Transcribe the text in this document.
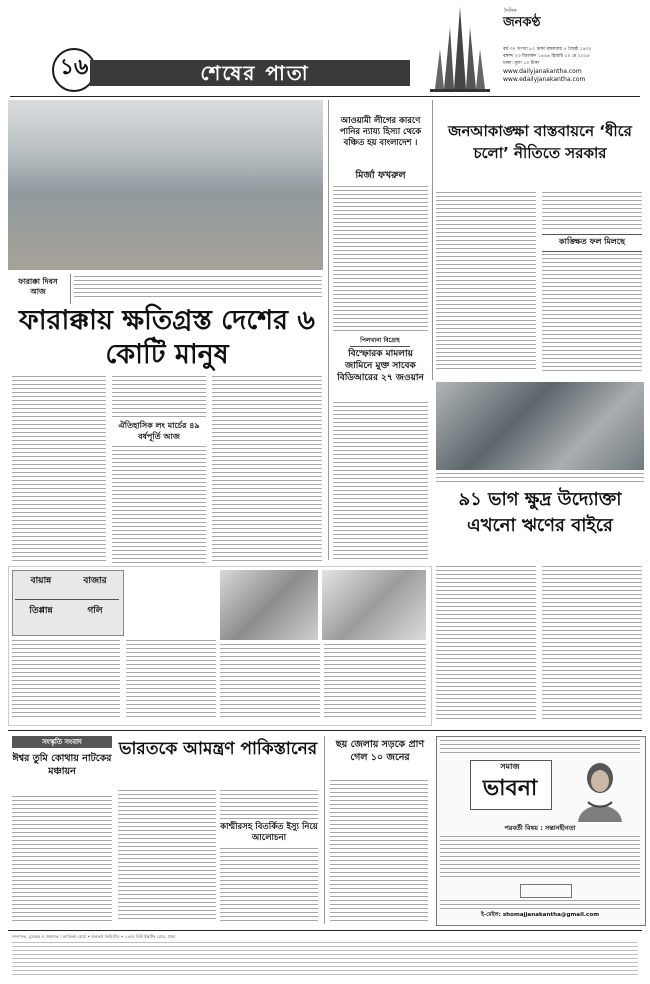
১৬	শেষের পাতা
দৈনিক
জনকণ্ঠ
বর্ষ ৩০ সংখ্যা ৮০ ঢাকা মঙ্গলবার ৫ জ্যৈষ্ঠ ১৪৩২
বঙ্গাব্দ ২৩ জিলকদ ১৪৪৬ হিজরি ২০ মে ২০২৫
ঢাকা: মূল্য ১০ টাকা
www.dailyjanakantha.com
www.edailyjanakantha.com
ফারাক্কা দিবস আজ
ফারাক্কায় ক্ষতিগ্রস্ত দেশের ৬ কোটি মানুষ
ঐতিহাসিক লং মার্চের ৪৯ বর্ষপূর্তি আজ
আওয়ামী লীগের কারণে পানির ন্যায্য হিস্যা থেকে বঞ্চিত হয় বাংলাদেশ ।
মির্জা ফখরুল
পিলখানা বিদ্রোহ
বিস্ফোরক মামলায় জামিনে মুক্ত সাবেক বিডিআরের ২৭ জওয়ান
জনআকাঙ্ক্ষা বাস্তবায়নে ‘ধীরে চলো’ নীতিতে সরকার
কাঙ্ক্ষিত ফল মিলছে
৯১ ভাগ ক্ষুদ্র উদ্যোক্তা এখনো ঋণের বাইরে
বায়ান্ন	বাজার
তিপ্পান্ন	গলি
সংস্কৃতি সংবাদ
ঈশ্বর তুমি কোথায় নাটকের মঞ্চায়ন
ভারতকে আমন্ত্রণ পাকিস্তানের
কাশ্মীরসহ বিতর্কিত ইস্যু নিয়ে আলোচনা
ছয় জেলায় সড়কে প্রাণ গেল ১০ জনের
সমাজ
ভাবনা
পরবর্তী বিষয় : সন্তানহীনতা
ই-মেইল: shomajjanakantha@gmail.com
সম্পাদক, মুদ্রাকর ও প্রকাশক : আতিকা রোমা • জনকণ্ঠ লিমিটেড • ২৪/এ নিউ ইস্কাটন রোড, ঢাকা
